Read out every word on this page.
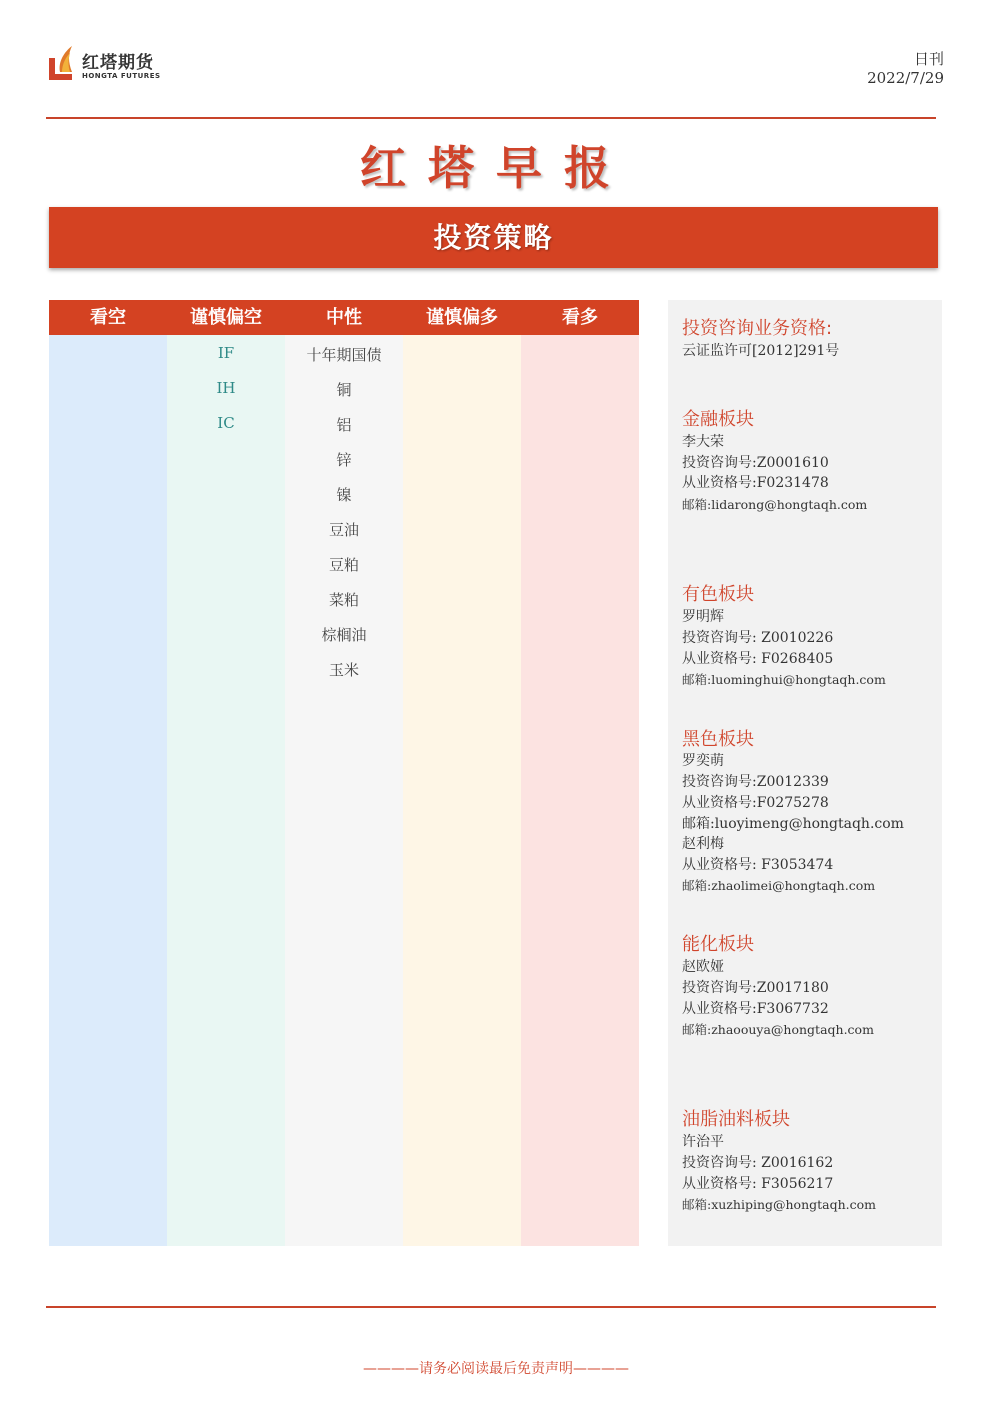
红塔期货
HONGTA FUTURES
日刊
2022/7/29
红塔早报
投资策略
看空	谨慎偏空
IF
IH
IC
中性
十年期国债
铜
铝
锌
镍
豆油
豆粕
菜粕
棕榈油
玉米
谨慎偏多	看多
投资咨询业务资格:
云证监许可[2012]291号
金融板块
李大荣
投资咨询号:Z0001610
从业资格号:F0231478
邮箱:lidarong@hongtaqh.com
有色板块
罗明辉
投资咨询号: Z0010226
从业资格号: F0268405
邮箱:luominghui@hongtaqh.com
黑色板块
罗奕萌
投资咨询号:Z0012339
从业资格号:F0275278
邮箱:luoyimeng@hongtaqh.com
赵利梅
从业资格号: F3053474
邮箱:zhaolimei@hongtaqh.com
能化板块
赵欧娅
投资咨询号:Z0017180
从业资格号:F3067732
邮箱:zhaoouya@hongtaqh.com
油脂油料板块
许治平
投资咨询号: Z0016162
从业资格号: F3056217
邮箱:xuzhiping@hongtaqh.com
————请务必阅读最后免责声明————
